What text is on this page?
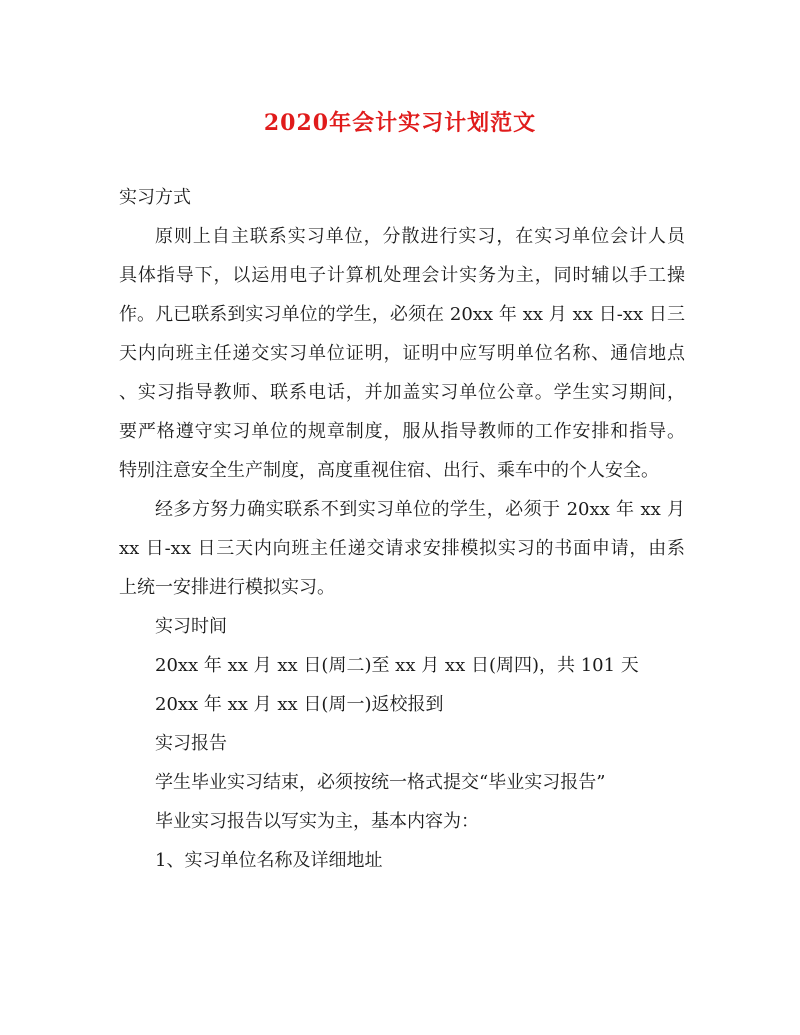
2020年会计实习计划范文
实习方式
原则上自主联系实习单位，分散进行实习，在实习单位会计人员
具体指导下，以运用电子计算机处理会计实务为主，同时辅以手工操
作。凡已联系到实习单位的学生，必须在 20xx 年 xx 月 xx 日-xx 日三
天内向班主任递交实习单位证明，证明中应写明单位名称、通信地点
、实习指导教师、联系电话，并加盖实习单位公章。学生实习期间，
要严格遵守实习单位的规章制度，服从指导教师的工作安排和指导。
特别注意安全生产制度，高度重视住宿、出行、乘车中的个人安全。
经多方努力确实联系不到实习单位的学生，必须于 20xx 年 xx 月
xx 日-xx 日三天内向班主任递交请求安排模拟实习的书面申请，由系
上统一安排进行模拟实习。
实习时间
20xx 年 xx 月 xx 日(周二)至 xx 月 xx 日(周四)，共 101 天
20xx 年 xx 月 xx 日(周一)返校报到
实习报告
学生毕业实习结束，必须按统一格式提交“毕业实习报告”
毕业实习报告以写实为主，基本内容为：
1、实习单位名称及详细地址
